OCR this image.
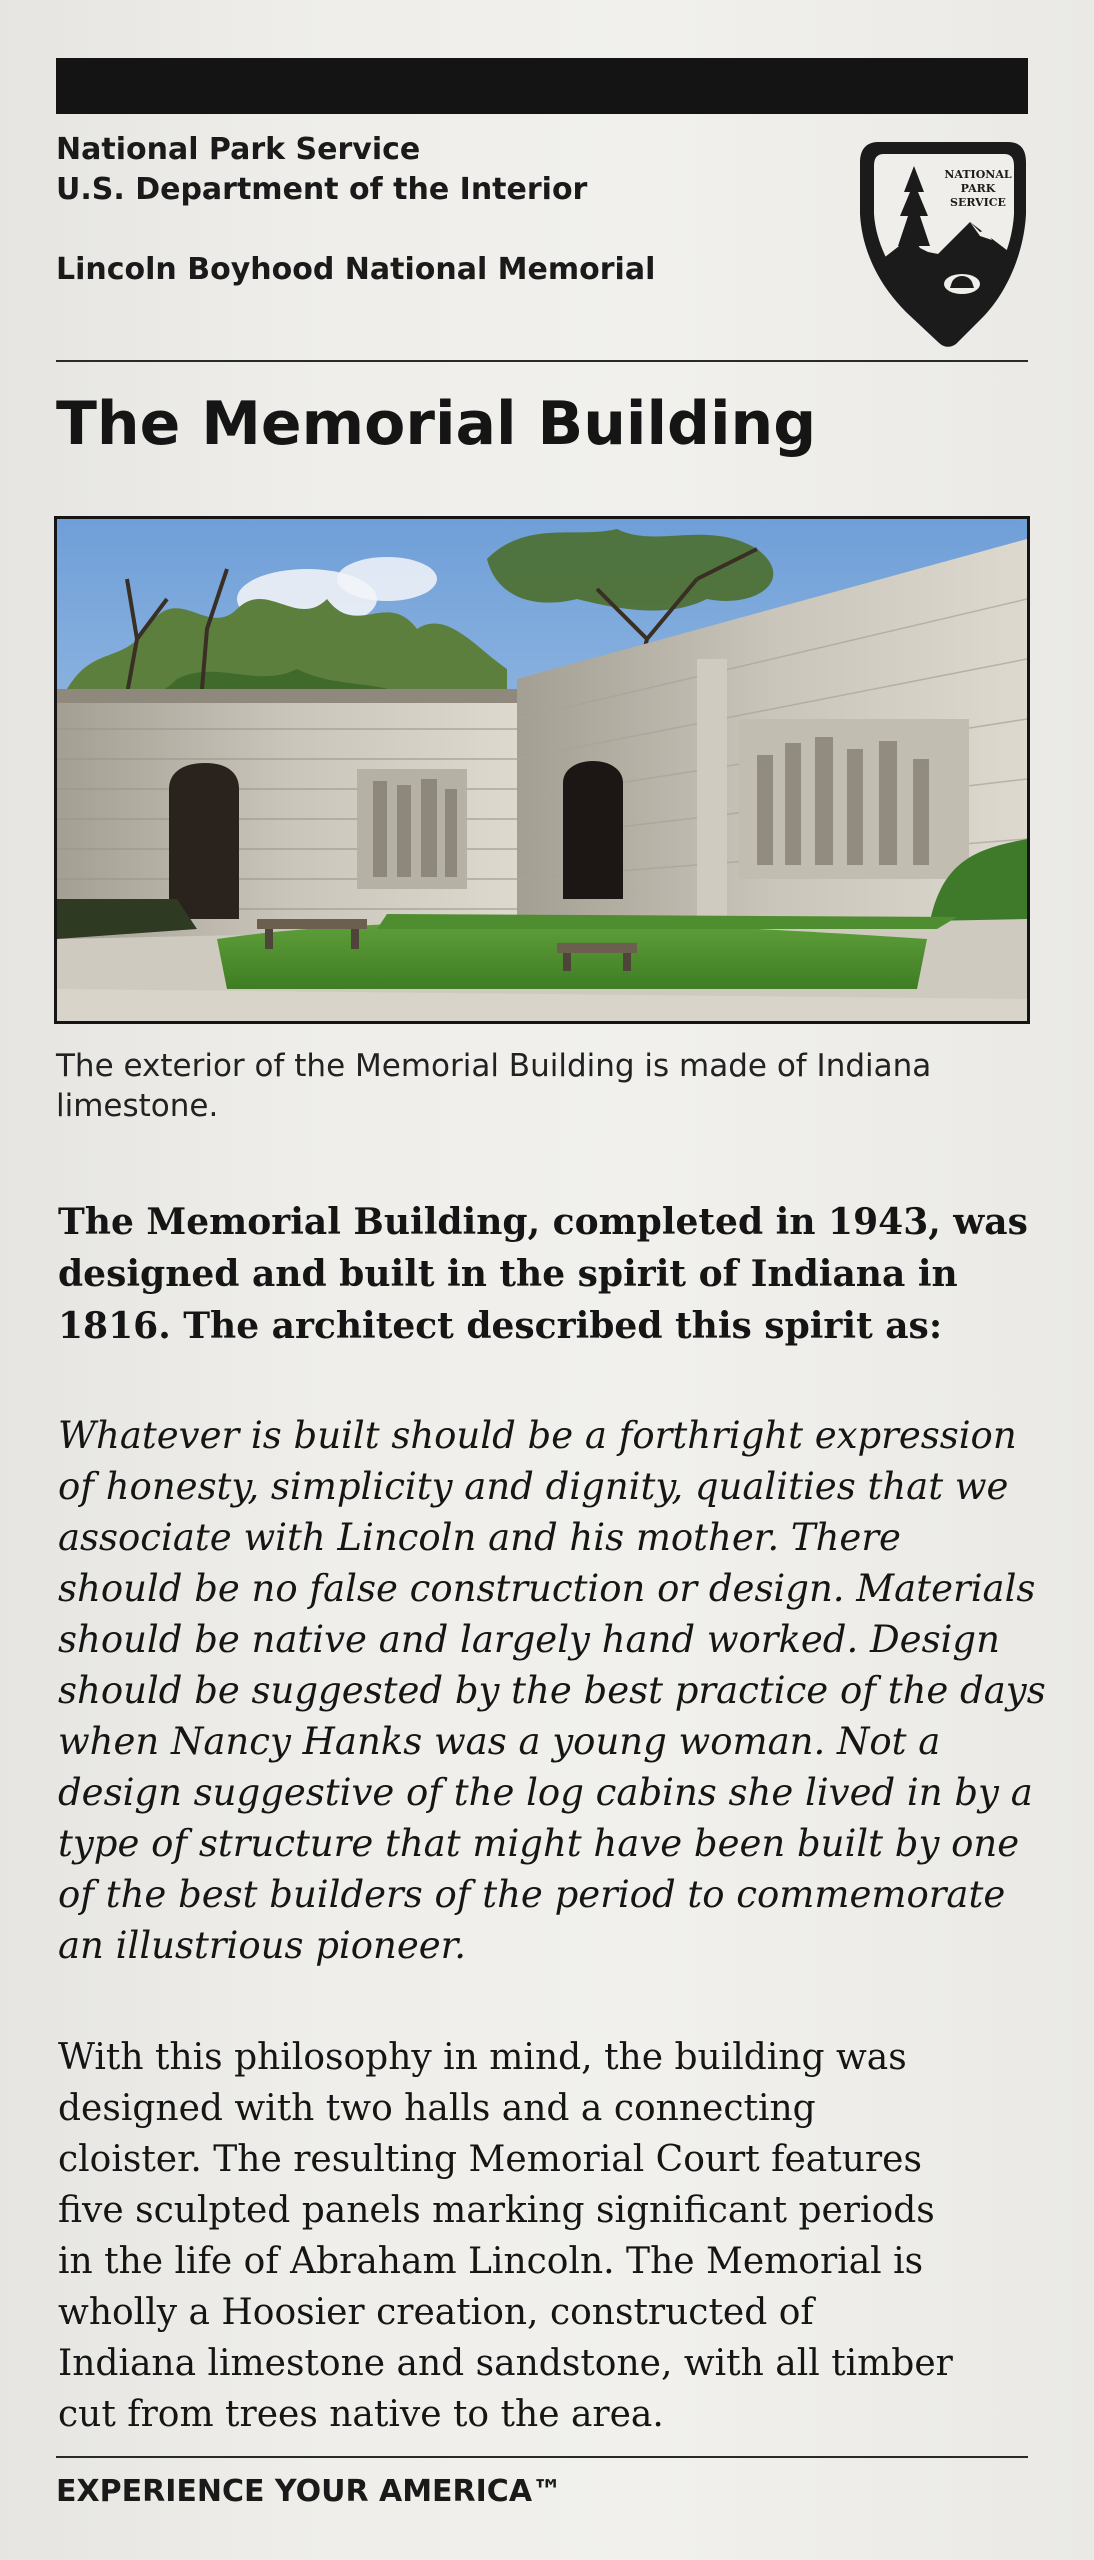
National Park Service
U.S. Department of the Interior
Lincoln Boyhood National Memorial
NATIONAL
PARK
SERVICE
The Memorial Building
The exterior of the Memorial Building is made of Indiana
limestone.
The Memorial Building, completed in 1943, was
designed and built in the spirit of Indiana in
1816. The architect described this spirit as:
Whatever is built should be a forthright expression
of honesty, simplicity and dignity, qualities that we
associate with Lincoln and his mother. There
should be no false construction or design. Materials
should be native and largely hand worked. Design
should be suggested by the best practice of the days
when Nancy Hanks was a young woman. Not a
design suggestive of the log cabins she lived in by a
type of structure that might have been built by one
of the best builders of the period to commemorate
an illustrious pioneer.
With this philosophy in mind, the building was
designed with two halls and a connecting
cloister. The resulting Memorial Court features
five sculpted panels marking significant periods
in the life of Abraham Lincoln. The Memorial is
wholly a Hoosier creation, constructed of
Indiana limestone and sandstone, with all timber
cut from trees native to the area.
EXPERIENCE YOUR AMERICA™
